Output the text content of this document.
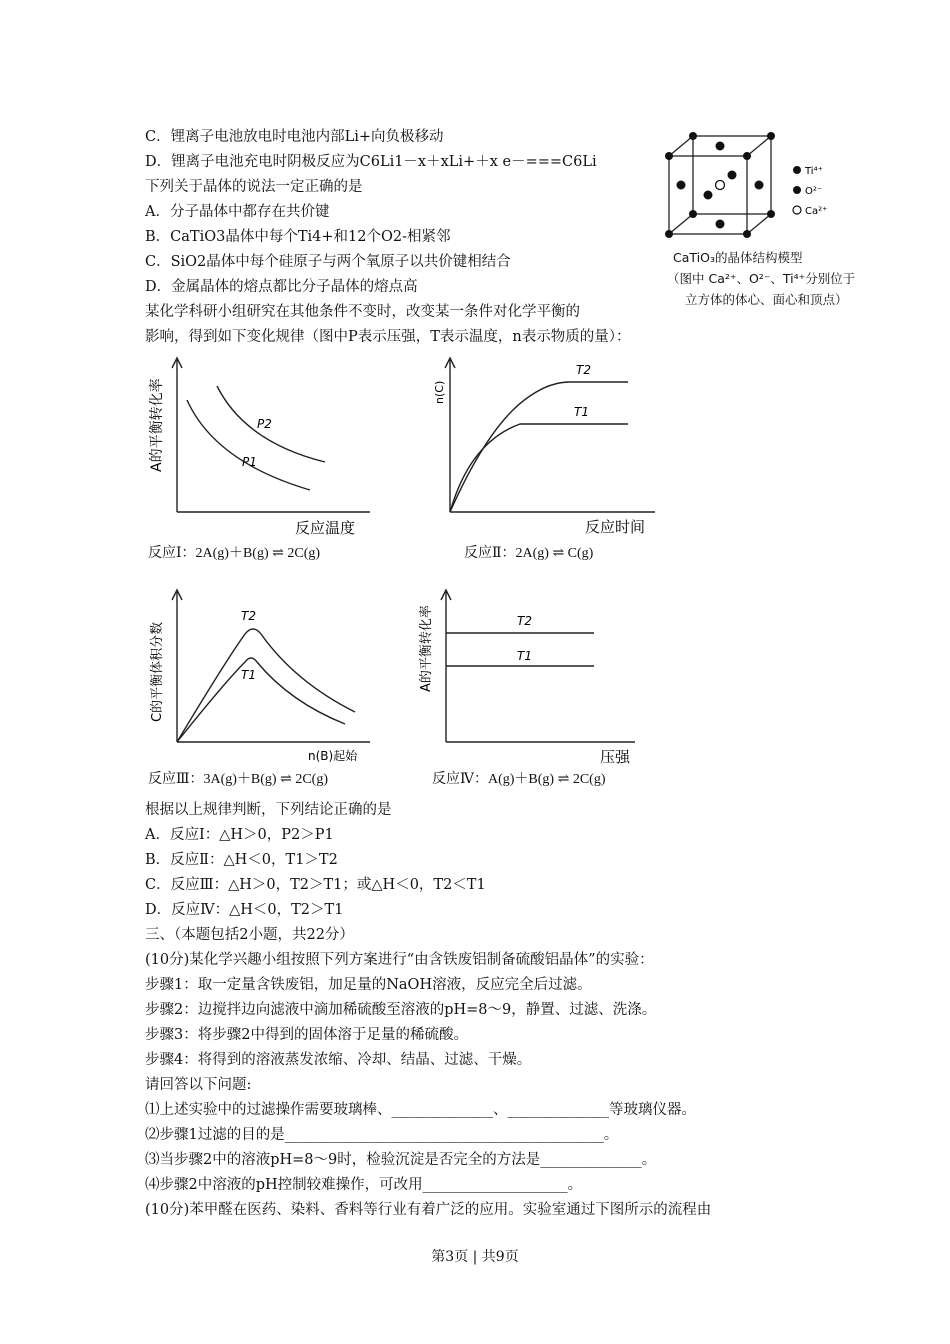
C．锂离子电池放电时电池内部Li+向负极移动
D．锂离子电池充电时阴极反应为C6Li1－x＋xLi+＋x e－===C6Li
下列关于晶体的说法一定正确的是
A．分子晶体中都存在共价键
B．CaTiO3晶体中每个Ti4+和12个O2-相紧邻
C．SiO2晶体中每个硅原子与两个氧原子以共价键相结合
D．金属晶体的熔点都比分子晶体的熔点高
某化学科研小组研究在其他条件不变时，改变某一条件对化学平衡的
影响，得到如下变化规律（图中P表示压强，T表示温度，n表示物质的量）：
Ti⁴⁺
O²⁻
Ca²⁺
CaTiO₃的晶体结构模型
（图中 Ca²⁺、O²⁻、Ti⁴⁺分别位于
立方体的体心、面心和顶点）
A的平衡转化率
反应温度
P2
P1
反应Ⅰ：2A(g)＋B(g) ⇌ 2C(g)
n(C)
反应时间
T2
T1
反应Ⅱ：2A(g) ⇌ C(g)
C的平衡体积分数
n(B)起始
T2
T1
反应Ⅲ：3A(g)＋B(g) ⇌ 2C(g)
A的平衡转化率
压强
T2
T1
反应Ⅳ：A(g)＋B(g) ⇌ 2C(g)
根据以上规律判断，下列结论正确的是
A．反应Ⅰ：△H＞0，P2＞P1
B．反应Ⅱ：△H＜0，T1＞T2
C．反应Ⅲ：△H＞0，T2＞T1；或△H＜0，T2＜T1
D．反应Ⅳ：△H＜0，T2＞T1
三、（本题包括2小题，共22分）
(10分)某化学兴趣小组按照下列方案进行“由含铁废铝制备硫酸铝晶体”的实验：
步骤1：取一定量含铁废铝，加足量的NaOH溶液，反应完全后过滤。
步骤2：边搅拌边向滤液中滴加稀硫酸至溶液的pH=8～9，静置、过滤、洗涤。
步骤3：将步骤2中得到的固体溶于足量的稀硫酸。
步骤4：将得到的溶液蒸发浓缩、冷却、结晶、过滤、干燥。
请回答以下问题:
⑴上述实验中的过滤操作需要玻璃棒、______________、______________等玻璃仪器。
⑵步骤1过滤的目的是____________________________________________。
⑶当步骤2中的溶液pH=8～9时，检验沉淀是否完全的方法是______________。
⑷步骤2中溶液的pH控制较难操作，可改用____________________。
(10分)苯甲醛在医药、染料、香料等行业有着广泛的应用。实验室通过下图所示的流程由
第3页 | 共9页
